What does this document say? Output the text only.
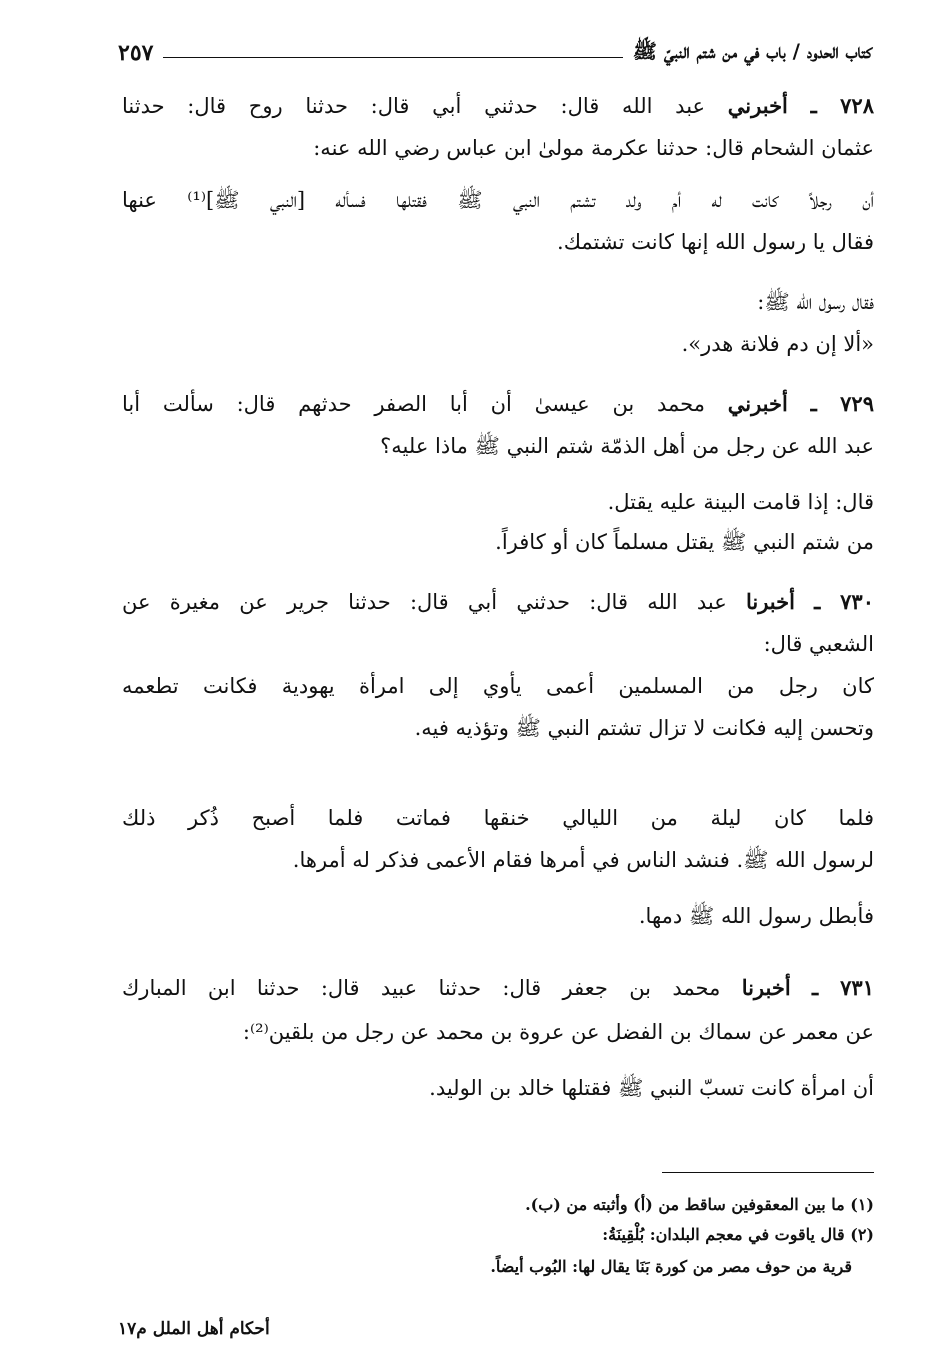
كتاب الحدود / باب في من شتم النبيّ ﷺ
٢٥٧
٧٢٨ ـ أخبرني عبد الله قال: حدثني أبي قال: حدثنا روح قال: حدثنا
عثمان الشحام قال: حدثنا عكرمة مولىٰ ابن عباس رضي الله عنه:
أن رجلاً كانت له أم ولد تشتم النبي ﷺ فقتلها فسأله [النبي ﷺ]⁽¹⁾ عنها
فقال يا رسول الله إنها كانت تشتمك.
فقال رسول الله ﷺ:
«ألا إن دم فلانة هدر».
٧٢٩ ـ أخبرني محمد بن عيسىٰ أن أبا الصفر حدثهم قال: سألت أبا
عبد الله عن رجل من أهل الذمّة شتم النبي ﷺ ماذا عليه؟
قال: إذا قامت البينة عليه يقتل.
من شتم النبي ﷺ يقتل مسلماً كان أو كافراً.
٧٣٠ ـ أخبرنا عبد الله قال: حدثني أبي قال: حدثنا جرير عن مغيرة عن
الشعبي قال:
كان رجل من المسلمين أعمى يأوي إلى امرأة يهودية فكانت تطعمه
وتحسن إليه فكانت لا تزال تشتم النبي ﷺ وتؤذيه فيه.
فلما كان ليلة من الليالي خنقها فماتت فلما أصبح ذُكر ذلك
لرسول الله ﷺ. فنشد الناس في أمرها فقام الأعمى فذكر له أمرها.
فأبطل رسول الله ﷺ دمها.
٧٣١ ـ أخبرنا محمد بن جعفر قال: حدثنا عبيد قال: حدثنا ابن المبارك
عن معمر عن سماك بن الفضل عن عروة بن محمد عن رجل من بلقين⁽²⁾:
أن امرأة كانت تسبّ النبي ﷺ فقتلها خالد بن الوليد.
(١) ما بين المعقوفين ساقط من (أ) وأثبته من (ب).
(٢) قال ياقوت في معجم البلدان: بُلْقِينَةُ:
قرية من حوف مصر من كورة بَنَا يقال لها: البُوب أيضاً.
أحكام أهل الملل م١٧
